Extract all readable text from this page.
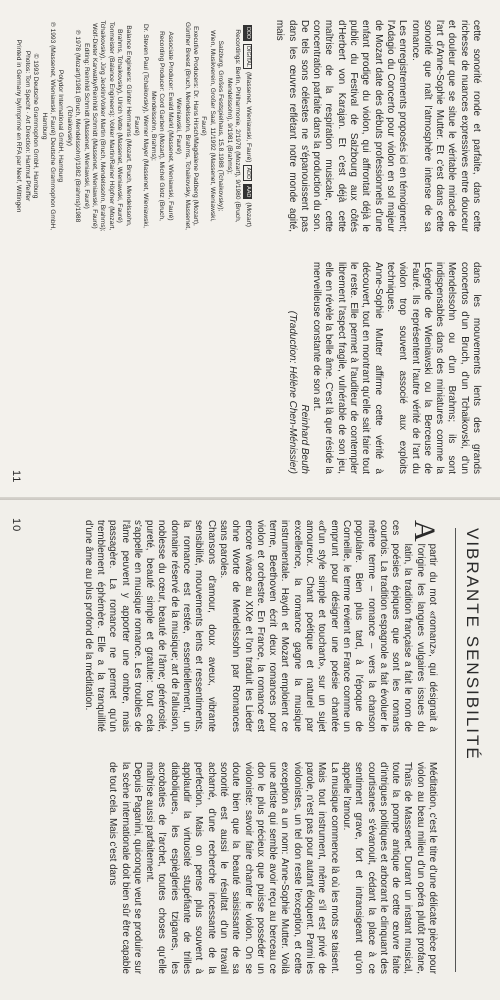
cette sonorité ronde et parfaite, dans cette richesse de nuances expressives entre douceur et douleur que se situe le véritable miracle de l'art d'Anne-Sophie Mutter. Et c'est dans cette sonorité que naît l'atmosphère intense de sa romance.
Les enregistrements proposés ici en témoignent; l'Adagio du Concerto pour violon en sol majeur de Mozart date des débuts professionnels d'une enfant prodige du violon, qui affrontait déjà le public du Festival de Salzbourg aux côtés d'Herbert von Karajan. Et c'est déjà cette maîtrise de la respiration musicale, cette concentration parfaite dans la production du son. De tels sons célestes ne s'épanouissent pas dans les œuvres reflétant notre monde agité, mais

dans les mouvements lents des grands concertos d'un Bruch, d'un Tchaikovski, d'un Mendelssohn ou d'un Brahms; ils sont indispensables dans des miniatures comme la Légende de Wieniawski ou la Berceuse de Fauré. Ils représentent l'autre vérité de l'art du violon trop souvent associé aux exploits techniques.
Anne-Sophie Mutter affirme cette vérité à découvert, tout en montrant qu'elle sait faire tout le reste. Elle permet à l'auditeur de contempler librement l'aspect fragile, vulnérable de son jeu, elle en révèle la belle âme. C'est là que réside la merveilleuse constante de son art.

Reinhard Beuth

(Traduction: Hélène Chen-Ménissier)

DDD
DIGITAL
(Massenet, Wieniawski, Fauré)
ADD
AAD
(Mozart)

Recordings: Berlin, Philharmonie, 2/1978 (Mozart), 9/1980 (Bruch, Mendelssohn), 9/1981 (Brahms);

Salzburg, Großes Festspielhaus, 15.8.1988 (Tchaikovsky);

Wien, Musikverein, Großer Saal, 11/1992 (Massenet, Wieniawski, Fauré)

Executive Producers: Dr. Hans Hirsch/Magdalene Padberg (Mozart),

Günther Breest (Bruch, Mendelssohn, Brahms, Tchaikovsky, Massenet, Wieniawski, Fauré)

Associate Producer: Ewald Markl (Massenet, Wieniawski, Fauré)

Recording Producer: Cord Garben (Mozart), Michel Glotz (Bruch, Mendelssohn, Brahms);

Dr. Steven Paul (Tchaikovsky), Werner Mayer (Massenet, Wieniawski, Fauré)

Balance Engineers: Günter Hermanns (Mozart, Bruch, Mendelssohn, Brahms, Tchaikovsky), Ulrich Vette (Massenet, Wieniawski, Fauré)

Tonmeister (Balance Engineers): Volker Martin/Rainer Höpfner (Mozart, Tchaikovsky), Jürg Jecklin/Volker Martin (Bruch, Mendelssohn, Brahms); Wolf-Dieter Karwatky/Reinhild Schmidt (Massenet, Wieniawski, Fauré)

Editing: Reinhild Schmidt (Massenet, Wieniawski, Fauré)

℗ 1978 (Mozart)/1981 (Bruch, Mendelssohn)/1982 (Brahms)/1988 (Tchaikovsky)

Polydor International GmbH, Hamburg

℗ 1993 (Massenet, Wieniawski, Fauré) Deutsche Grammophon GmbH, Hamburg

© 1993 Deutsche Grammophon GmbH, Hamburg

Photos: Tom Specht · Art Direction: Hartmut Pfeiffer

Printed in Germany by/Imprimé en RFA par Neef, Wittingen

11
VIBRANTE SENSIBILITÉ
A

partir du mot «romanz», qui désignait à l'origine les langues vulgaires issues du latin, la tradition française a fait le nom de ces poésies épiques que sont les romans courtois. La tradition espagnole a fait évoluer le même terme – romance – vers la chanson populaire. Bien plus tard, à l'époque de Corneille, le terme revient en France comme un emprunt pour désigner une poésie chantée «d'un style simple et touchant», sur un sujet amoureux. Chant poétique et naturel par excellence, la romance gagne la musique instrumentale. Haydn et Mozart emploient ce terme, Beethoven écrit deux romances pour violon et orchestre. En France, la romance est encore vivace au XIXe et l'on traduit les Lieder ohne Worte de Mendelssohn par Romances sans paroles.
Chansons d'amour, doux aveux, vibrante sensibilité, mouvements lents et ressentiments, la romance est restée, essentiellement, un domaine réservé de la musique; art de l'allusion, noblesse du cœur, beauté de l'âme; générosité, pureté, beauté simple et gratuite: tout cela s'appelle en musique romance. Les troubles de l'âme peuvent y apporter une ombre, mais passagère. La romance ne permet qu'un tremblement éphémère. Elle a la tranquillité d'une âme au plus profond de la méditation.

Méditation, c'est le titre d'une délicate pièce pour violon au beau milieu d'un opéra plutôt profane, Thaïs de Massenet. Durant un instant musical, toute la pompe antique de cette œuvre faite d'intrigues politiques et arborant le clinquant des courtisanes s'évanouit, cédant la place à ce sentiment grave, fort et intransigeant qu'on appelle l'amour.
La musique commence là où les mots se taisent. Mais tout instrument, même s'il est privé de parole, n'est pas pour autant éloquent. Parmi les violonistes, un tel don reste l'exception, et cette exception a un nom: Anne-Sophie Mutter. Voilà une artiste qui semble avoir reçu au berceau ce don le plus précieux que puisse posséder un violoniste: savoir faire chanter le violon. On se doute bien que la beauté saisissante de sa sonorité est aussi le résultat d'un travail acharné, d'une recherche incessante de la perfection. Mais on pense plus souvent à applaudir la virtuosité stupéfiante de trilles diaboliques, les espiègleries tziganes, les acrobaties de l'archet, toutes choses qu'elle maîtrise aussi parfaitement.
Depuis Paganini, quiconque veut se produire sur la scène internationale doit bien sûr être capable de tout cela. Mais c'est dans

10
